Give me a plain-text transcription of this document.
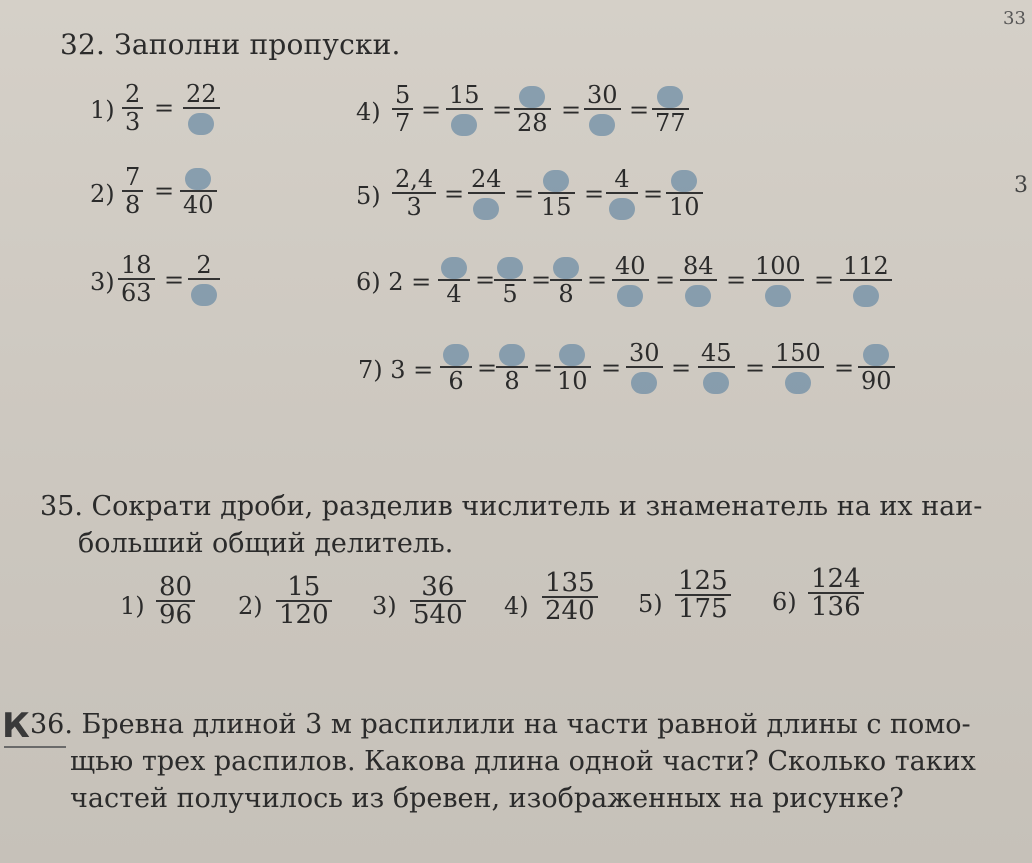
33
3
32. Заполни пропуски.
$1) \frac{2}{3} = 22$
$2) \frac{7}{8} = 40$
$3) \frac{18}{63}$ =
2
$4) \frac{5}{7}$ =
15
= 28 =
30
= 77
$5) \frac{2,4}{3}$ =
24
= 15 =
4
= 10
6) 2 = 4 = 5 = 8 = 40 = 84 = 100 = 112
7) 3 = 6 = 8 = 10 =
30
=
45
=
150
= 90
35. Сократи дроби, разделив числитель и знаменатель на их наи-
больший общий делитель.
$1) \frac{80}{96} 2) \frac{15}{120} 3) \frac{36}{540} 4) \frac{135}{240} 5) \frac{125}{175} 6) \frac{124}{136}$
К 36. Бревна длиной 3 м распилили на части равной длины с помо-
щью трех распилов. Какова длина одной части? Сколько таких
частей получилось из бревен, изображенных на рисунке?
